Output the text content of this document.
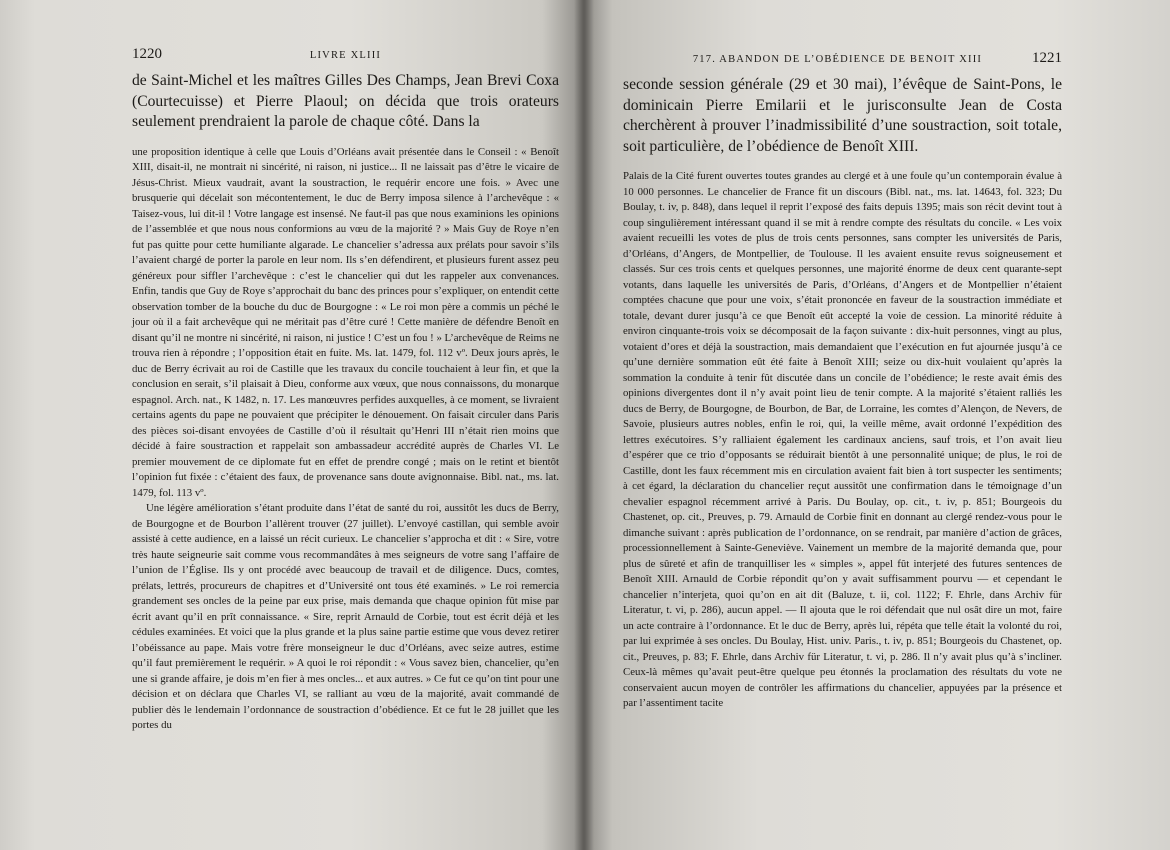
1220	LIVRE XLIII

de Saint-Michel et les maîtres Gilles Des Champs, Jean Brevi Coxa (Courtecuisse) et Pierre Plaoul; on décida que trois orateurs seulement prendraient la parole de chaque côté. Dans la

une proposition identique à celle que Louis d’Orléans avait présentée dans le Conseil : « Benoît XIII, disait-il, ne montrait ni sincérité, ni raison, ni justice... Il ne laissait pas d’être le vicaire de Jésus-Christ. Mieux vaudrait, avant la soustraction, le requérir encore une fois. » Avec une brusquerie qui décelait son mécontentement, le duc de Berry imposa silence à l’archevêque : « Taisez-vous, lui dit-il ! Votre langage est insensé. Ne faut-il pas que nous examinions les opinions de l’assemblée et que nous nous conformions au vœu de la majorité ? » Mais Guy de Roye n’en fut pas quitte pour cette humiliante algarade. Le chancelier s’adressa aux prélats pour savoir s’ils l’avaient chargé de porter la parole en leur nom. Ils s’en défendirent, et plusieurs furent assez peu généreux pour siffler l’archevêque : c’est le chancelier qui dut les rappeler aux convenances. Enfin, tandis que Guy de Roye s’approchait du banc des princes pour s’expliquer, on entendit cette observation tomber de la bouche du duc de Bourgogne : « Le roi mon père a commis un péché le jour où il a fait archevêque qui ne méritait pas d’être curé ! Cette manière de défendre Benoît en disant qu’il ne montre ni sincérité, ni raison, ni justice ! C’est un fou ! » L’archevêque de Reims ne trouva rien à répondre ; l’opposition était en fuite. Ms. lat. 1479, fol. 112 vº. Deux jours après, le duc de Berry écrivait au roi de Castille que les travaux du concile touchaient à leur fin, et que la conclusion en serait, s’il plaisait à Dieu, conforme aux vœux, que nous connaissons, du monarque espagnol. Arch. nat., K 1482, n. 17. Les manœuvres perfides auxquelles, à ce moment, se livraient certains agents du pape ne pouvaient que précipiter le dénouement. On faisait circuler dans Paris des pièces soi-disant envoyées de Castille d’où il résultait qu’Henri III n’était rien moins que décidé à faire soustraction et rappelait son ambassadeur accrédité auprès de Charles VI. Le premier mouvement de ce diplomate fut en effet de prendre congé ; mais on le retint et bientôt l’opinion fut fixée : c’étaient des faux, de provenance sans doute avignonnaise. Bibl. nat., ms. lat. 1479, fol. 113 vº.

Une légère amélioration s’étant produite dans l’état de santé du roi, aussitôt les ducs de Berry, de Bourgogne et de Bourbon l’allèrent trouver (27 juillet). L’envoyé castillan, qui semble avoir assisté à cette audience, en a laissé un récit curieux. Le chancelier s’approcha et dit : « Sire, votre très haute seigneurie sait comme vous recommandâtes à mes seigneurs de votre sang l’affaire de l’union de l’Église. Ils y ont procédé avec beaucoup de travail et de diligence. Ducs, comtes, prélats, lettrés, procureurs de chapitres et d’Université ont tous été examinés. » Le roi remercia grandement ses oncles de la peine par eux prise, mais demanda que chaque opinion fût mise par écrit avant qu’il en prît connaissance. « Sire, reprit Arnauld de Corbie, tout est écrit déjà et les cédules examinées. Et voici que la plus grande et la plus saine partie estime que vous devez retirer l’obéissance au pape. Mais votre frère monseigneur le duc d’Orléans, avec seize autres, estime qu’il faut premièrement le requérir. » A quoi le roi répondit : « Vous savez bien, chancelier, qu’en une si grande affaire, je dois m’en fier à mes oncles... et aux autres. » Ce fut ce qu’on tint pour une décision et on déclara que Charles VI, se ralliant au vœu de la majorité, avait commandé de publier dès le lendemain l’ordonnance de soustraction d’obédience. Et ce fut le 28 juillet que les portes du

717. ABANDON DE L’OBÉDIENCE DE BENOIT XIII	1221

seconde session générale (29 et 30 mai), l’évêque de Saint-Pons, le dominicain Pierre Emilarii et le jurisconsulte Jean de Costa cherchèrent à prouver l’inadmissibilité d’une soustraction, soit totale, soit particulière, de l’obédience de Benoît XIII.

Palais de la Cité furent ouvertes toutes grandes au clergé et à une foule qu’un contemporain évalue à 10 000 personnes. Le chancelier de France fit un discours (Bibl. nat., ms. lat. 14643, fol. 323; Du Boulay, t. iv, p. 848), dans lequel il reprit l’exposé des faits depuis 1395; mais son récit devint tout à coup singulièrement intéressant quand il se mit à rendre compte des résultats du concile. « Les voix avaient recueilli les votes de plus de trois cents personnes, sans compter les universités de Paris, d’Orléans, d’Angers, de Montpellier, de Toulouse. Il les avaient ensuite revus soigneusement et classés. Sur ces trois cents et quelques personnes, une majorité énorme de deux cent quarante-sept votants, dans laquelle les universités de Paris, d’Orléans, d’Angers et de Montpellier n’étaient comptées chacune que pour une voix, s’était prononcée en faveur de la soustraction immédiate et totale, devant durer jusqu’à ce que Benoît eût accepté la voie de cession. La minorité réduite à environ cinquante-trois voix se décomposait de la façon suivante : dix-huit personnes, vingt au plus, votaient d’ores et déjà la soustraction, mais demandaient que l’exécution en fut ajournée jusqu’à ce qu’une dernière sommation eût été faite à Benoît XIII; seize ou dix-huit voulaient qu’après la sommation la conduite à tenir fût discutée dans un concile de l’obédience; le reste avait émis des opinions divergentes dont il n’y avait point lieu de tenir compte. A la majorité s’étaient ralliés les ducs de Berry, de Bourgogne, de Bourbon, de Bar, de Lorraine, les comtes d’Alençon, de Nevers, de Savoie, plusieurs autres nobles, enfin le roi, qui, la veille même, avait ordonné l’expédition des lettres exécutoires. S’y ralliaient également les cardinaux anciens, sauf trois, et l’on avait lieu d’espérer que ce trio d’opposants se réduirait bientôt à une personnalité unique; de plus, le roi de Castille, dont les faux récemment mis en circulation avaient fait bien à tort suspecter les sentiments; à cet égard, la déclaration du chancelier reçut aussitôt une confirmation dans le témoignage d’un chevalier espagnol récemment arrivé à Paris. Du Boulay, op. cit., t. iv, p. 851; Bourgeois du Chastenet, op. cit., Preuves, p. 79. Arnauld de Corbie finit en donnant au clergé rendez-vous pour le dimanche suivant : après publication de l’ordonnance, on se rendrait, par manière d’action de grâces, processionnellement à Sainte-Geneviève. Vainement un membre de la majorité demanda que, pour plus de sûreté et afin de tranquilliser les « simples », appel fût interjeté des futures sentences de Benoît XIII. Arnauld de Corbie répondit qu’on y avait suffisamment pourvu — et cependant le chancelier n’interjeta, quoi qu’on en ait dit (Baluze, t. ii, col. 1122; F. Ehrle, dans Archiv für Literatur, t. vi, p. 286), aucun appel. — Il ajouta que le roi défendait que nul osât dire un mot, faire un acte contraire à l’ordonnance. Et le duc de Berry, après lui, répéta que telle était la volonté du roi, par lui exprimée à ses oncles. Du Boulay, Hist. univ. Paris., t. iv, p. 851; Bourgeois du Chastenet, op. cit., Preuves, p. 83; F. Ehrle, dans Archiv für Literatur, t. vi, p. 286. Il n’y avait plus qu’à s’incliner. Ceux-là mêmes qu’avait peut-être quelque peu étonnés la proclamation des résultats du vote ne conservaient aucun moyen de contrôler les affirmations du chancelier, appuyées par la présence et par l’assentiment tacite
